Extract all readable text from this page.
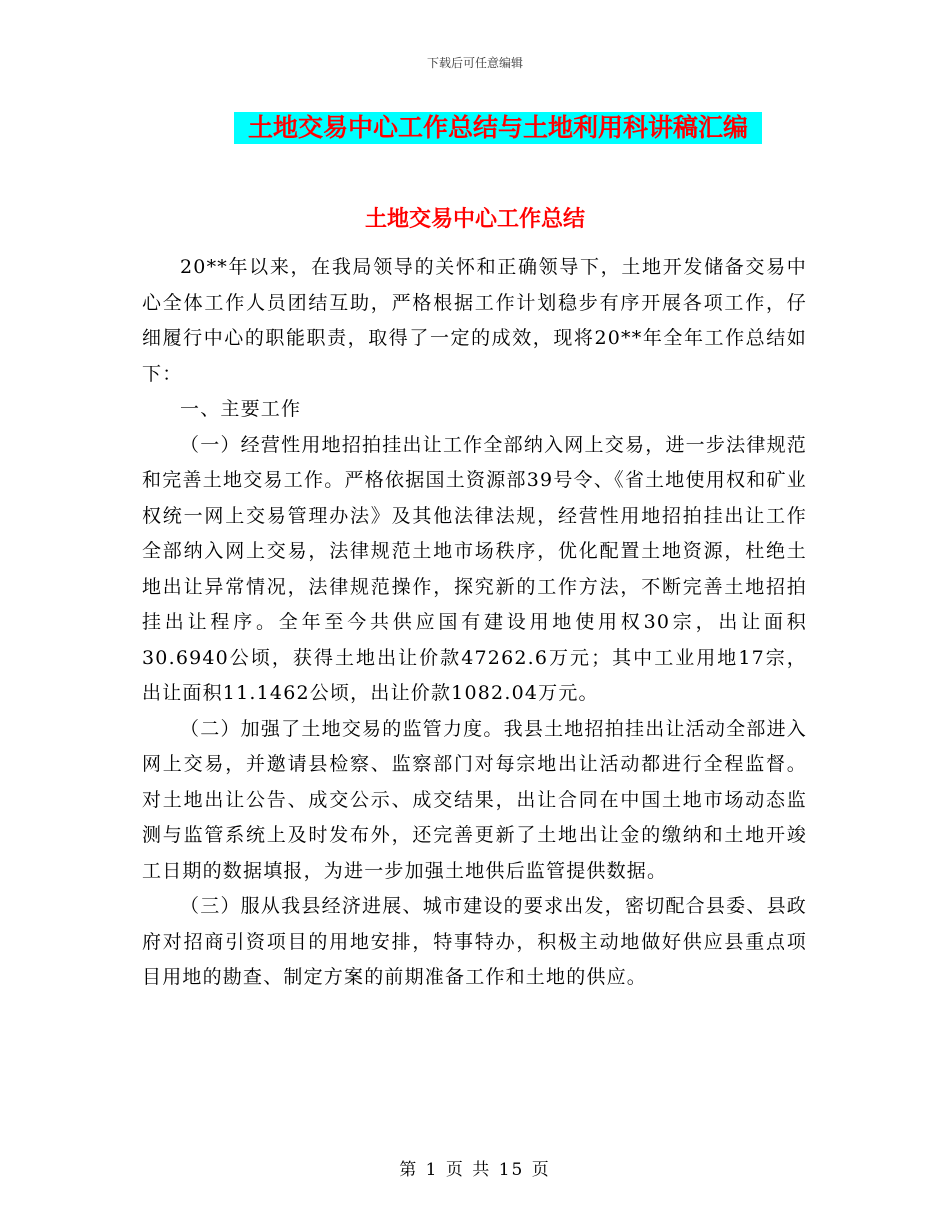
下载后可任意编辑
土地交易中心工作总结与土地利用科讲稿汇编
土地交易中心工作总结

20**年以来，在我局领导的关怀和正确领导下，土地开发储备交易中心全体工作人员团结互助，严格根据工作计划稳步有序开展各项工作，仔细履行中心的职能职责，取得了一定的成效，现将20**年全年工作总结如下：

一、主要工作

（一）经营性用地招拍挂出让工作全部纳入网上交易，进一步法律规范和完善土地交易工作。严格依据国土资源部39号令、《省土地使用权和矿业权统一网上交易管理办法》及其他法律法规，经营性用地招拍挂出让工作全部纳入网上交易，法律规范土地市场秩序，优化配置土地资源，杜绝土地出让异常情况，法律规范操作，探究新的工作方法，不断完善土地招拍挂出让程序。全年至今共供应国有建设用地使用权30宗，出让面积30.6940公顷，获得土地出让价款47262.6万元；其中工业用地17宗，出让面积11.1462公顷，出让价款1082.04万元。

（二）加强了土地交易的监管力度。我县土地招拍挂出让活动全部进入网上交易，并邀请县检察、监察部门对每宗地出让活动都进行全程监督。对土地出让公告、成交公示、成交结果，出让合同在中国土地市场动态监测与监管系统上及时发布外，还完善更新了土地出让金的缴纳和土地开竣工日期的数据填报，为进一步加强土地供后监管提供数据。

（三）服从我县经济进展、城市建设的要求出发，密切配合县委、县政府对招商引资项目的用地安排，特事特办，积极主动地做好供应县重点项目用地的勘查、制定方案的前期准备工作和土地的供应。

第 1 页 共 15 页
